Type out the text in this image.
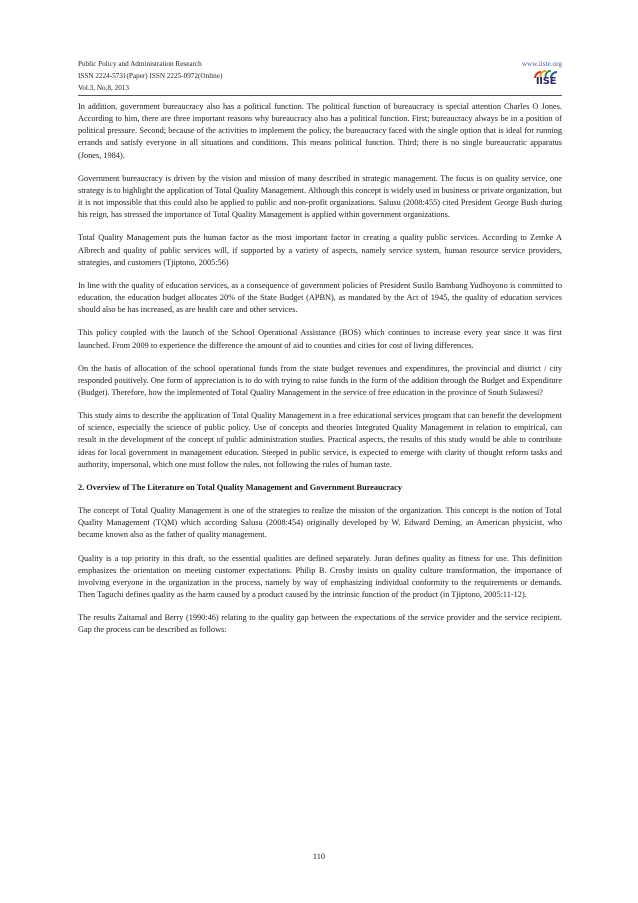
Public Policy and Administration Research
ISSN 2224-5731(Paper) ISSN 2225-0972(Online)
Vol.3, No.8, 2013
www.iiste.org
IISE

In addition, government bureaucracy also has a political function. The political function of bureaucracy is special attention Charles O Jones. According to him, there are three important reasons why bureaucracy also has a political function. First; bureaucracy always be in a position of political pressure. Second; because of the activities to implement the policy, the bureaucracy faced with the single option that is ideal for running errands and satisfy everyone in all situations and conditions. This means political function. Third; there is no single bureaucratic apparatus (Jones, 1984).

Government bureaucracy is driven by the vision and mission of many described in strategic management. The focus is on quality service, one strategy is to highlight the application of Total Quality Management. Although this concept is widely used in business or private organization, but it is not impossible that this could also be applied to public and non-profit organizations. Salusu (2008:455) cited President George Bush during his reign, has stressed the importance of Total Quality Management is applied within government organizations.

Total Quality Management puts the human factor as the most important factor in creating a quality public services. According to Zemke A Albrech and quality of public services will, if supported by a variety of aspects, namely service system, human resource service providers, strategies, and customers (Tjiptono, 2005:56)

In line with the quality of education services, as a consequence of government policies of President Susilo Bambang Yudhoyono is committed to education, the education budget allocates 20% of the State Budget (APBN), as mandated by the Act of 1945, the quality of education services should also be has increased, as are health care and other services.

This policy coupled with the launch of the School Operational Assistance (BOS) which continues to increase every year since it was first launched. From 2009 to experience the difference the amount of aid to counties and cities for cost of living differences.

On the basis of allocation of the school operational funds from the state budget revenues and expenditures, the provincial and district / city responded positively. One form of appreciation is to do with trying to raise funds in the form of the addition through the Budget and Expenditure (Budget). Therefore, how the implemented of Total Quality Management in the service of free education in the province of South Sulawesi?

This study aims to describe the application of Total Quality Management in a free educational services program that can benefit the development of science, especially the science of public policy. Use of concepts and theories Integrated Quality Management in relation to empirical, can result in the development of the concept of public administration studies. Practical aspects, the results of this study would be able to contribute ideas for local government in management education. Steeped in public service, is expected to emerge with clarity of thought reform tasks and authority, impersonal, which one must follow the rules, not following the rules of human taste.

2. Overview of The Literature on Total Quality Management and Government Bureaucracy

The concept of Total Quality Management is one of the strategies to realize the mission of the organization. This concept is the notion of Total Quality Management (TQM) which according Salusu (2008:454) originally developed by W. Edward Deming, an American physicist, who became known also as the father of quality management.

Quality is a top priority in this draft, so the essential qualities are defined separately. Juran defines quality as fitness for use. This definition emphasizes the orientation on meeting customer expectations. Philip B. Crosby insists on quality culture transformation, the importance of involving everyone in the organization in the process, namely by way of emphasizing individual conformity to the requirements or demands. Then Taguchi defines quality as the harm caused by a product caused by the intrinsic function of the product (in Tjiptono, 2005:11-12).

The results Zaitamal and Berry (1990:46) relating to the quality gap between the expectations of the service provider and the service recipient. Gap the process can be described as follows:

110
